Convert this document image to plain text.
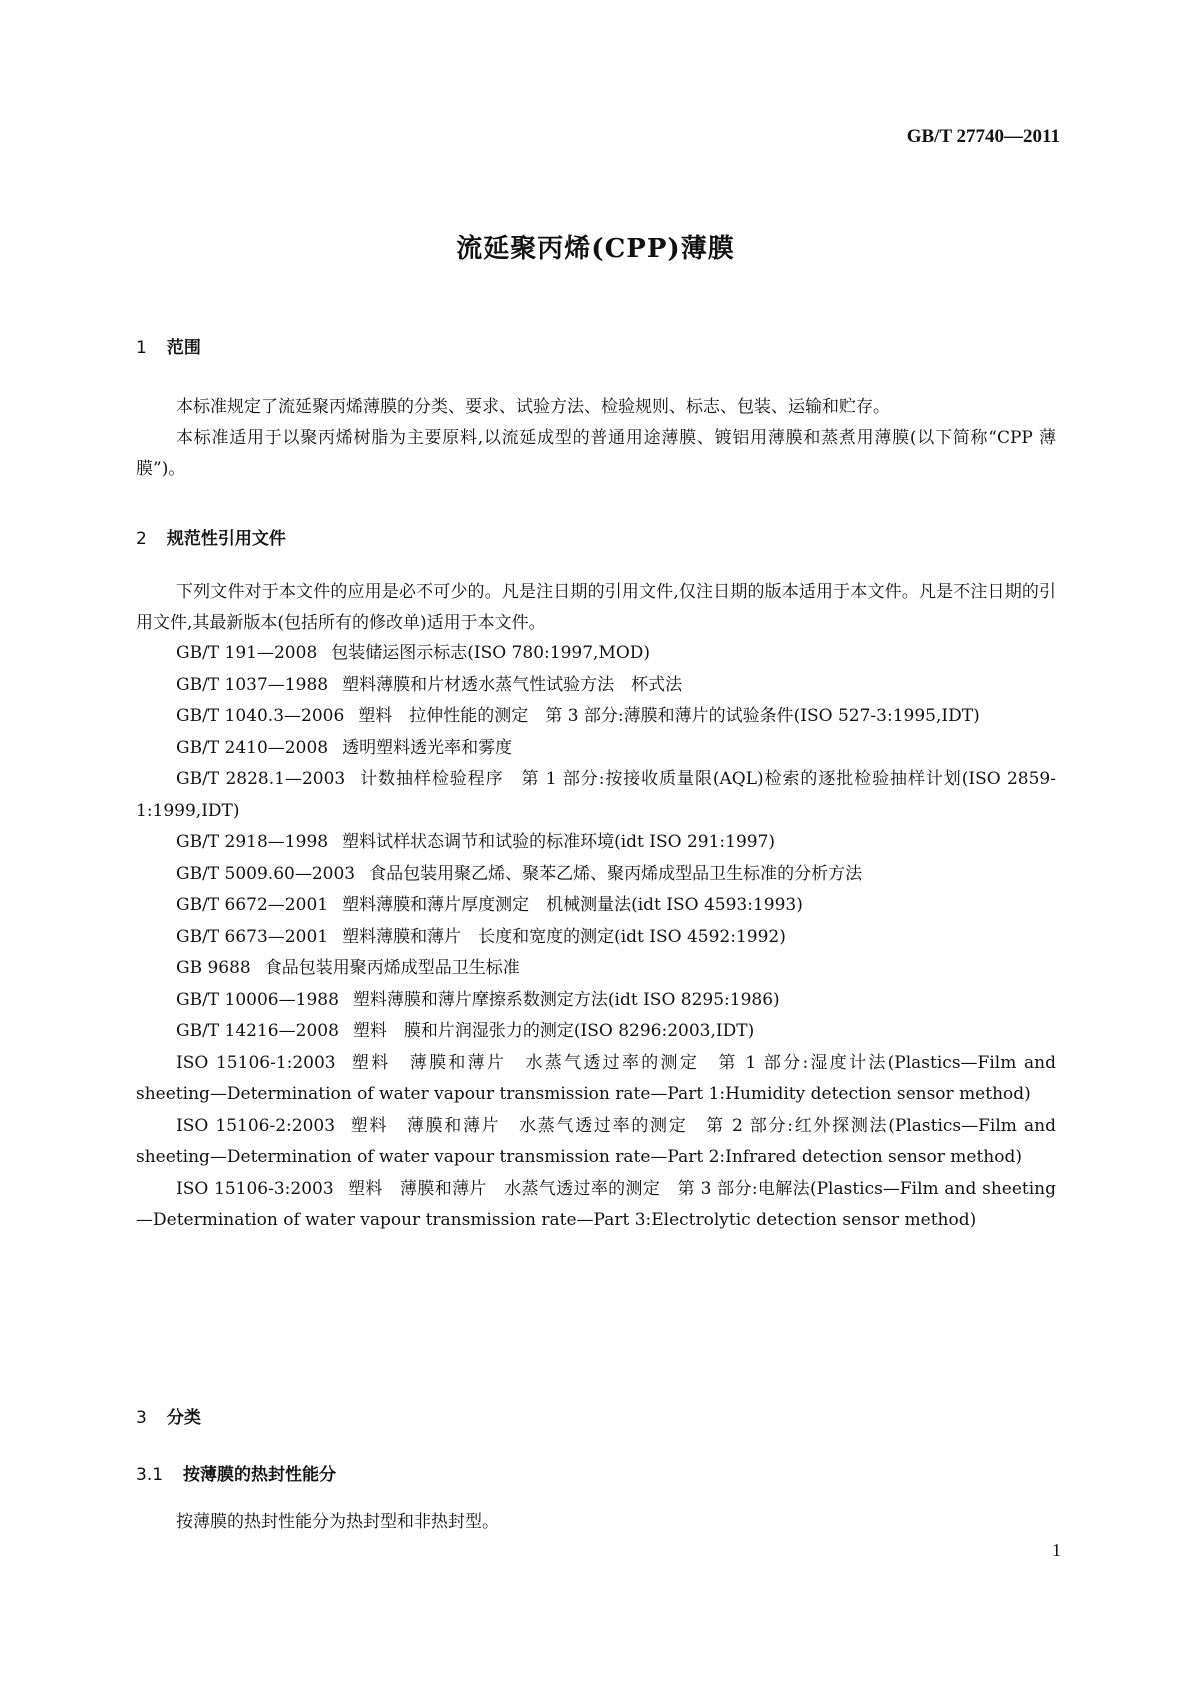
GB/T 27740—2011
流延聚丙烯(CPP)薄膜
1 范围
本标准规定了流延聚丙烯薄膜的分类、要求、试验方法、检验规则、标志、包装、运输和贮存。
本标准适用于以聚丙烯树脂为主要原料,以流延成型的普通用途薄膜、镀铝用薄膜和蒸煮用薄膜(以下简称“CPP 薄膜”)。
2 规范性引用文件
下列文件对于本文件的应用是必不可少的。凡是注日期的引用文件,仅注日期的版本适用于本文件。凡是不注日期的引用文件,其最新版本(包括所有的修改单)适用于本文件。

GB/T 191—2008 包装储运图示标志(ISO 780:1997,MOD)

GB/T 1037—1988 塑料薄膜和片材透水蒸气性试验方法　杯式法

GB/T 1040.3—2006 塑料　拉伸性能的测定　第 3 部分:薄膜和薄片的试验条件(ISO 527-3:1995,IDT)

GB/T 2410—2008 透明塑料透光率和雾度

GB/T 2828.1—2003 计数抽样检验程序　第 1 部分:按接收质量限(AQL)检索的逐批检验抽样计划(ISO 2859-1:1999,IDT)

GB/T 2918—1998 塑料试样状态调节和试验的标准环境(idt ISO 291:1997)

GB/T 5009.60—2003 食品包装用聚乙烯、聚苯乙烯、聚丙烯成型品卫生标准的分析方法

GB/T 6672—2001 塑料薄膜和薄片厚度测定　机械测量法(idt ISO 4593:1993)

GB/T 6673—2001 塑料薄膜和薄片　长度和宽度的测定(idt ISO 4592:1992)

GB 9688 食品包装用聚丙烯成型品卫生标准

GB/T 10006—1988 塑料薄膜和薄片摩擦系数测定方法(idt ISO 8295:1986)

GB/T 14216—2008 塑料　膜和片润湿张力的测定(ISO 8296:2003,IDT)

ISO 15106-1:2003 塑料　薄膜和薄片　水蒸气透过率的测定　第 1 部分:湿度计法(Plastics—Film and sheeting—Determination of water vapour transmission rate—Part 1:Humidity detection sensor method)

ISO 15106-2:2003 塑料　薄膜和薄片　水蒸气透过率的测定　第 2 部分:红外探测法(Plastics—Film and sheeting—Determination of water vapour transmission rate—Part 2:Infrared detection sensor method)

ISO 15106-3:2003 塑料　薄膜和薄片　水蒸气透过率的测定　第 3 部分:电解法(Plastics—Film and sheeting—Determination of water vapour transmission rate—Part 3:Electrolytic detection sensor method)

3 分类
3.1 按薄膜的热封性能分
按薄膜的热封性能分为热封型和非热封型。
1
